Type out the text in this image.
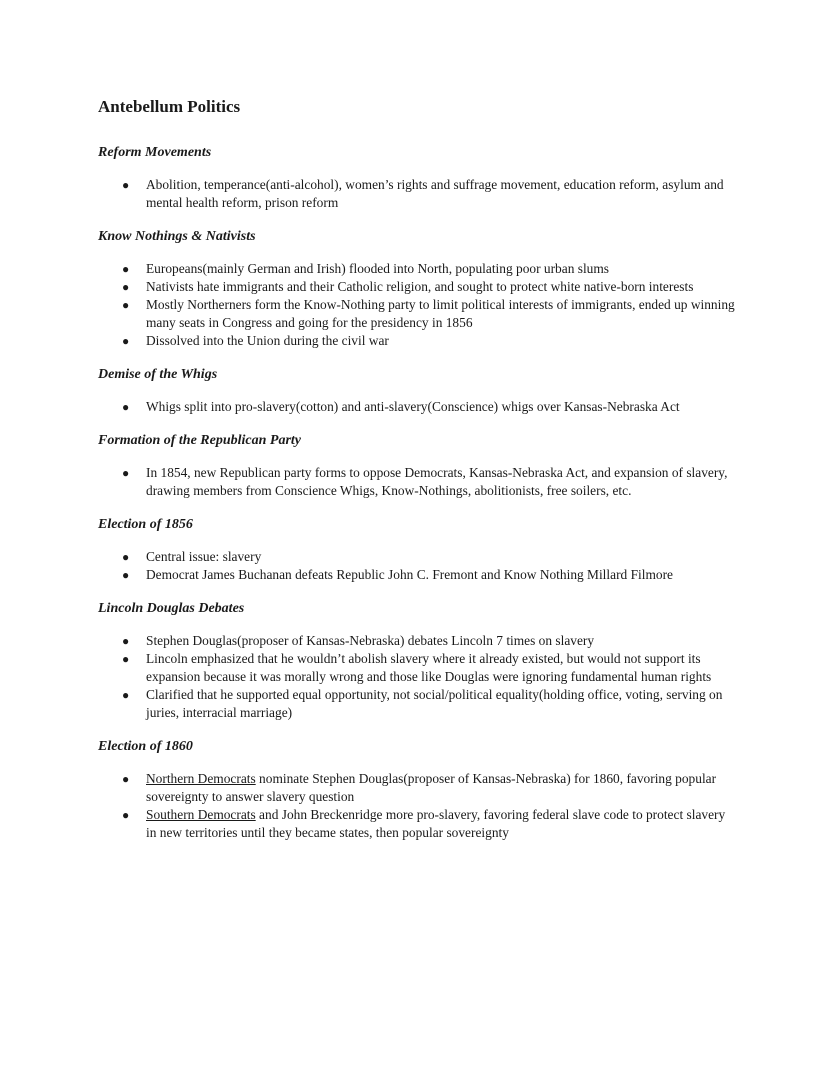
Antebellum Politics
Reform Movements
● Abolition, temperance(anti-alcohol), women’s rights and suffrage movement, education reform, asylum and mental health reform, prison reform
Know Nothings & Nativists
● Europeans(mainly German and Irish) flooded into North, populating poor urban slums
● Nativists hate immigrants and their Catholic religion, and sought to protect white native-born interests
● Mostly Northerners form the Know-Nothing party to limit political interests of immigrants, ended up winning many seats in Congress and going for the presidency in 1856
● Dissolved into the Union during the civil war
Demise of the Whigs
● Whigs split into pro-slavery(cotton) and anti-slavery(Conscience) whigs over Kansas-Nebraska Act
Formation of the Republican Party
● In 1854, new Republican party forms to oppose Democrats, Kansas-Nebraska Act, and expansion of slavery, drawing members from Conscience Whigs, Know-Nothings, abolitionists, free soilers, etc.
Election of 1856
● Central issue: slavery
● Democrat James Buchanan defeats Republic John C. Fremont and Know Nothing Millard Filmore
Lincoln Douglas Debates
● Stephen Douglas(proposer of Kansas-Nebraska) debates Lincoln 7 times on slavery
● Lincoln emphasized that he wouldn’t abolish slavery where it already existed, but would not support its expansion because it was morally wrong and those like Douglas were ignoring fundamental human rights
● Clarified that he supported equal opportunity, not social/political equality(holding office, voting, serving on juries, interracial marriage)
Election of 1860
● Northern Democrats nominate Stephen Douglas(proposer of Kansas-Nebraska) for 1860, favoring popular sovereignty to answer slavery question
● Southern Democrats and John Breckenridge more pro-slavery, favoring federal slave code to protect slavery in new territories until they became states, then popular sovereignty
